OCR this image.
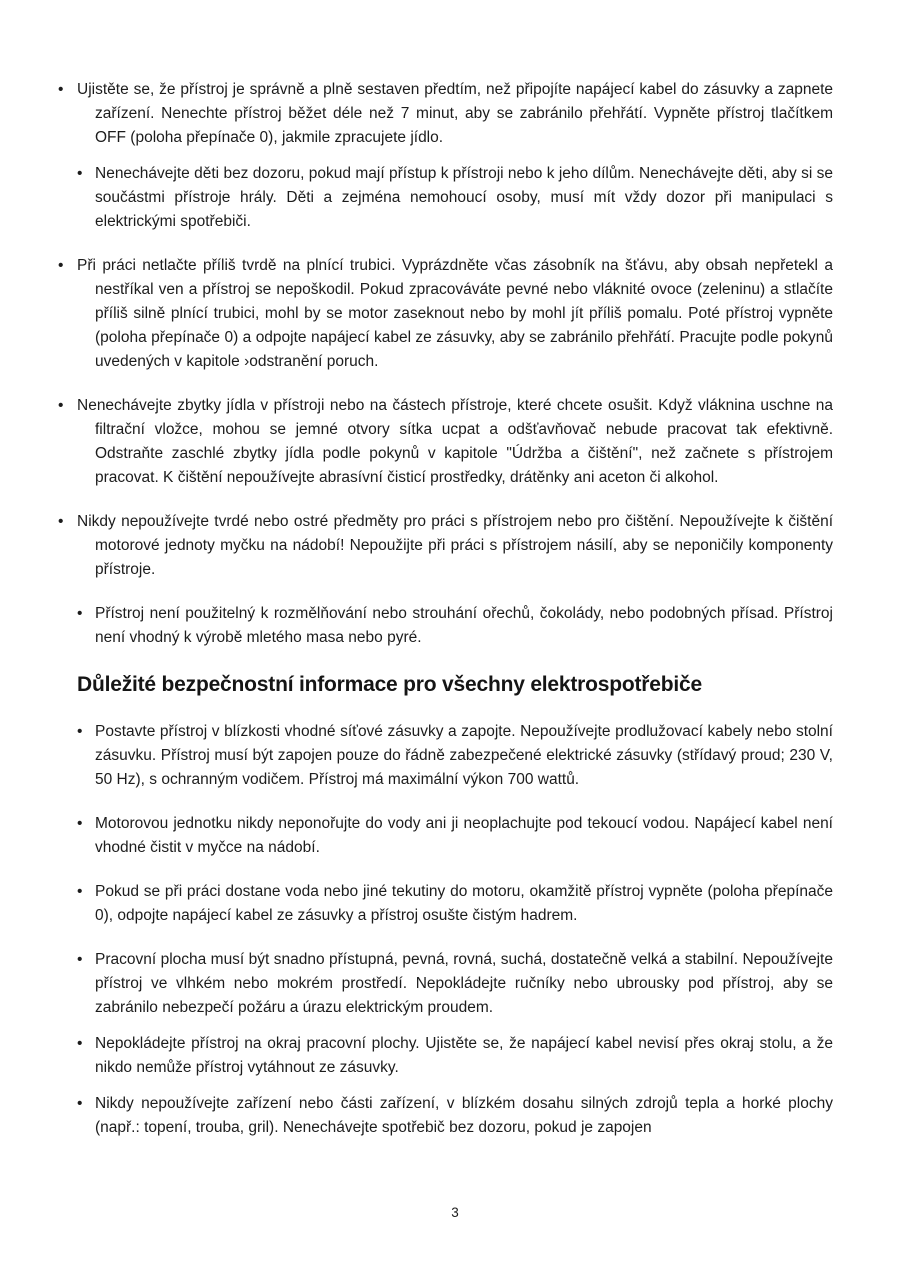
• Ujistěte se, že přístroj je správně a plně sestaven předtím, než připojíte napájecí kabel do zásuvky a zapnete zařízení. Nenechte přístroj běžet déle než 7 minut, aby se zabránilo přehřátí. Vypněte přístroj tlačítkem OFF (poloha přepínače 0), jakmile zpracujete jídlo.
• Nenechávejte děti bez dozoru, pokud mají přístup k přístroji nebo k jeho dílům. Nenechávejte děti, aby si se součástmi přístroje hrály. Děti a zejména nemohoucí osoby, musí mít vždy dozor při manipulaci s elektrickými spotřebiči.
• Při práci netlačte příliš tvrdě na plnící trubici. Vyprázdněte včas zásobník na šťávu, aby obsah nepřetekl a nestříkal ven a přístroj se nepoškodil. Pokud zpracováváte pevné nebo vláknité ovoce (zeleninu) a stlačíte příliš silně plnící trubici, mohl by se motor zaseknout nebo by mohl jít příliš pomalu. Poté přístroj vypněte (poloha přepínače 0) a odpojte napájecí kabel ze zásuvky, aby se zabránilo přehřátí. Pracujte podle pokynů uvedených v kapitole ›odstranění poruch.
• Nenechávejte zbytky jídla v přístroji nebo na částech přístroje, které chcete osušit. Když vláknina uschne na filtrační vložce, mohou se jemné otvory sítka ucpat a odšťavňovač nebude pracovat tak efektivně. Odstraňte zaschlé zbytky jídla podle pokynů v kapitole "Údržba a čištění", než začnete s přístrojem pracovat. K čištění nepoužívejte abrasívní čisticí prostředky, drátěnky ani aceton či alkohol.
• Nikdy nepoužívejte tvrdé nebo ostré předměty pro práci s přístrojem nebo pro čištění. Nepoužívejte k čištění motorové jednoty myčku na nádobí! Nepoužijte při práci s přístrojem násilí, aby se neponičily komponenty přístroje.
• Přístroj není použitelný k rozmělňování nebo strouhání ořechů, čokolády, nebo podobných přísad. Přístroj není vhodný k výrobě mletého masa nebo pyré.
Důležité bezpečnostní informace pro všechny elektrospotřebiče
• Postavte přístroj v blízkosti vhodné síťové zásuvky a zapojte. Nepoužívejte prodlužovací kabely nebo stolní zásuvku. Přístroj musí být zapojen pouze do řádně zabezpečené elektrické zásuvky (střídavý proud; 230 V, 50 Hz), s ochranným vodičem. Přístroj má maximální výkon 700 wattů.
• Motorovou jednotku nikdy neponořujte do vody ani ji neoplachujte pod tekoucí vodou. Napájecí kabel není vhodné čistit v myčce na nádobí.
• Pokud se při práci dostane voda nebo jiné tekutiny do motoru, okamžitě přístroj vypněte (poloha přepínače 0), odpojte napájecí kabel ze zásuvky a přístroj osušte čistým hadrem.
• Pracovní plocha musí být snadno přístupná, pevná, rovná, suchá, dostatečně velká a stabilní. Nepoužívejte přístroj ve vlhkém nebo mokrém prostředí. Nepokládejte ručníky nebo ubrousky pod přístroj, aby se zabránilo nebezpečí požáru a úrazu elektrickým proudem.
• Nepokládejte přístroj na okraj pracovní plochy. Ujistěte se, že napájecí kabel nevisí přes okraj stolu, a že nikdo nemůže přístroj vytáhnout ze zásuvky.
• Nikdy nepoužívejte zařízení nebo části zařízení, v blízkém dosahu silných zdrojů tepla a horké plochy (např.: topení, trouba, gril). Nenechávejte spotřebič bez dozoru, pokud je zapojen
3
